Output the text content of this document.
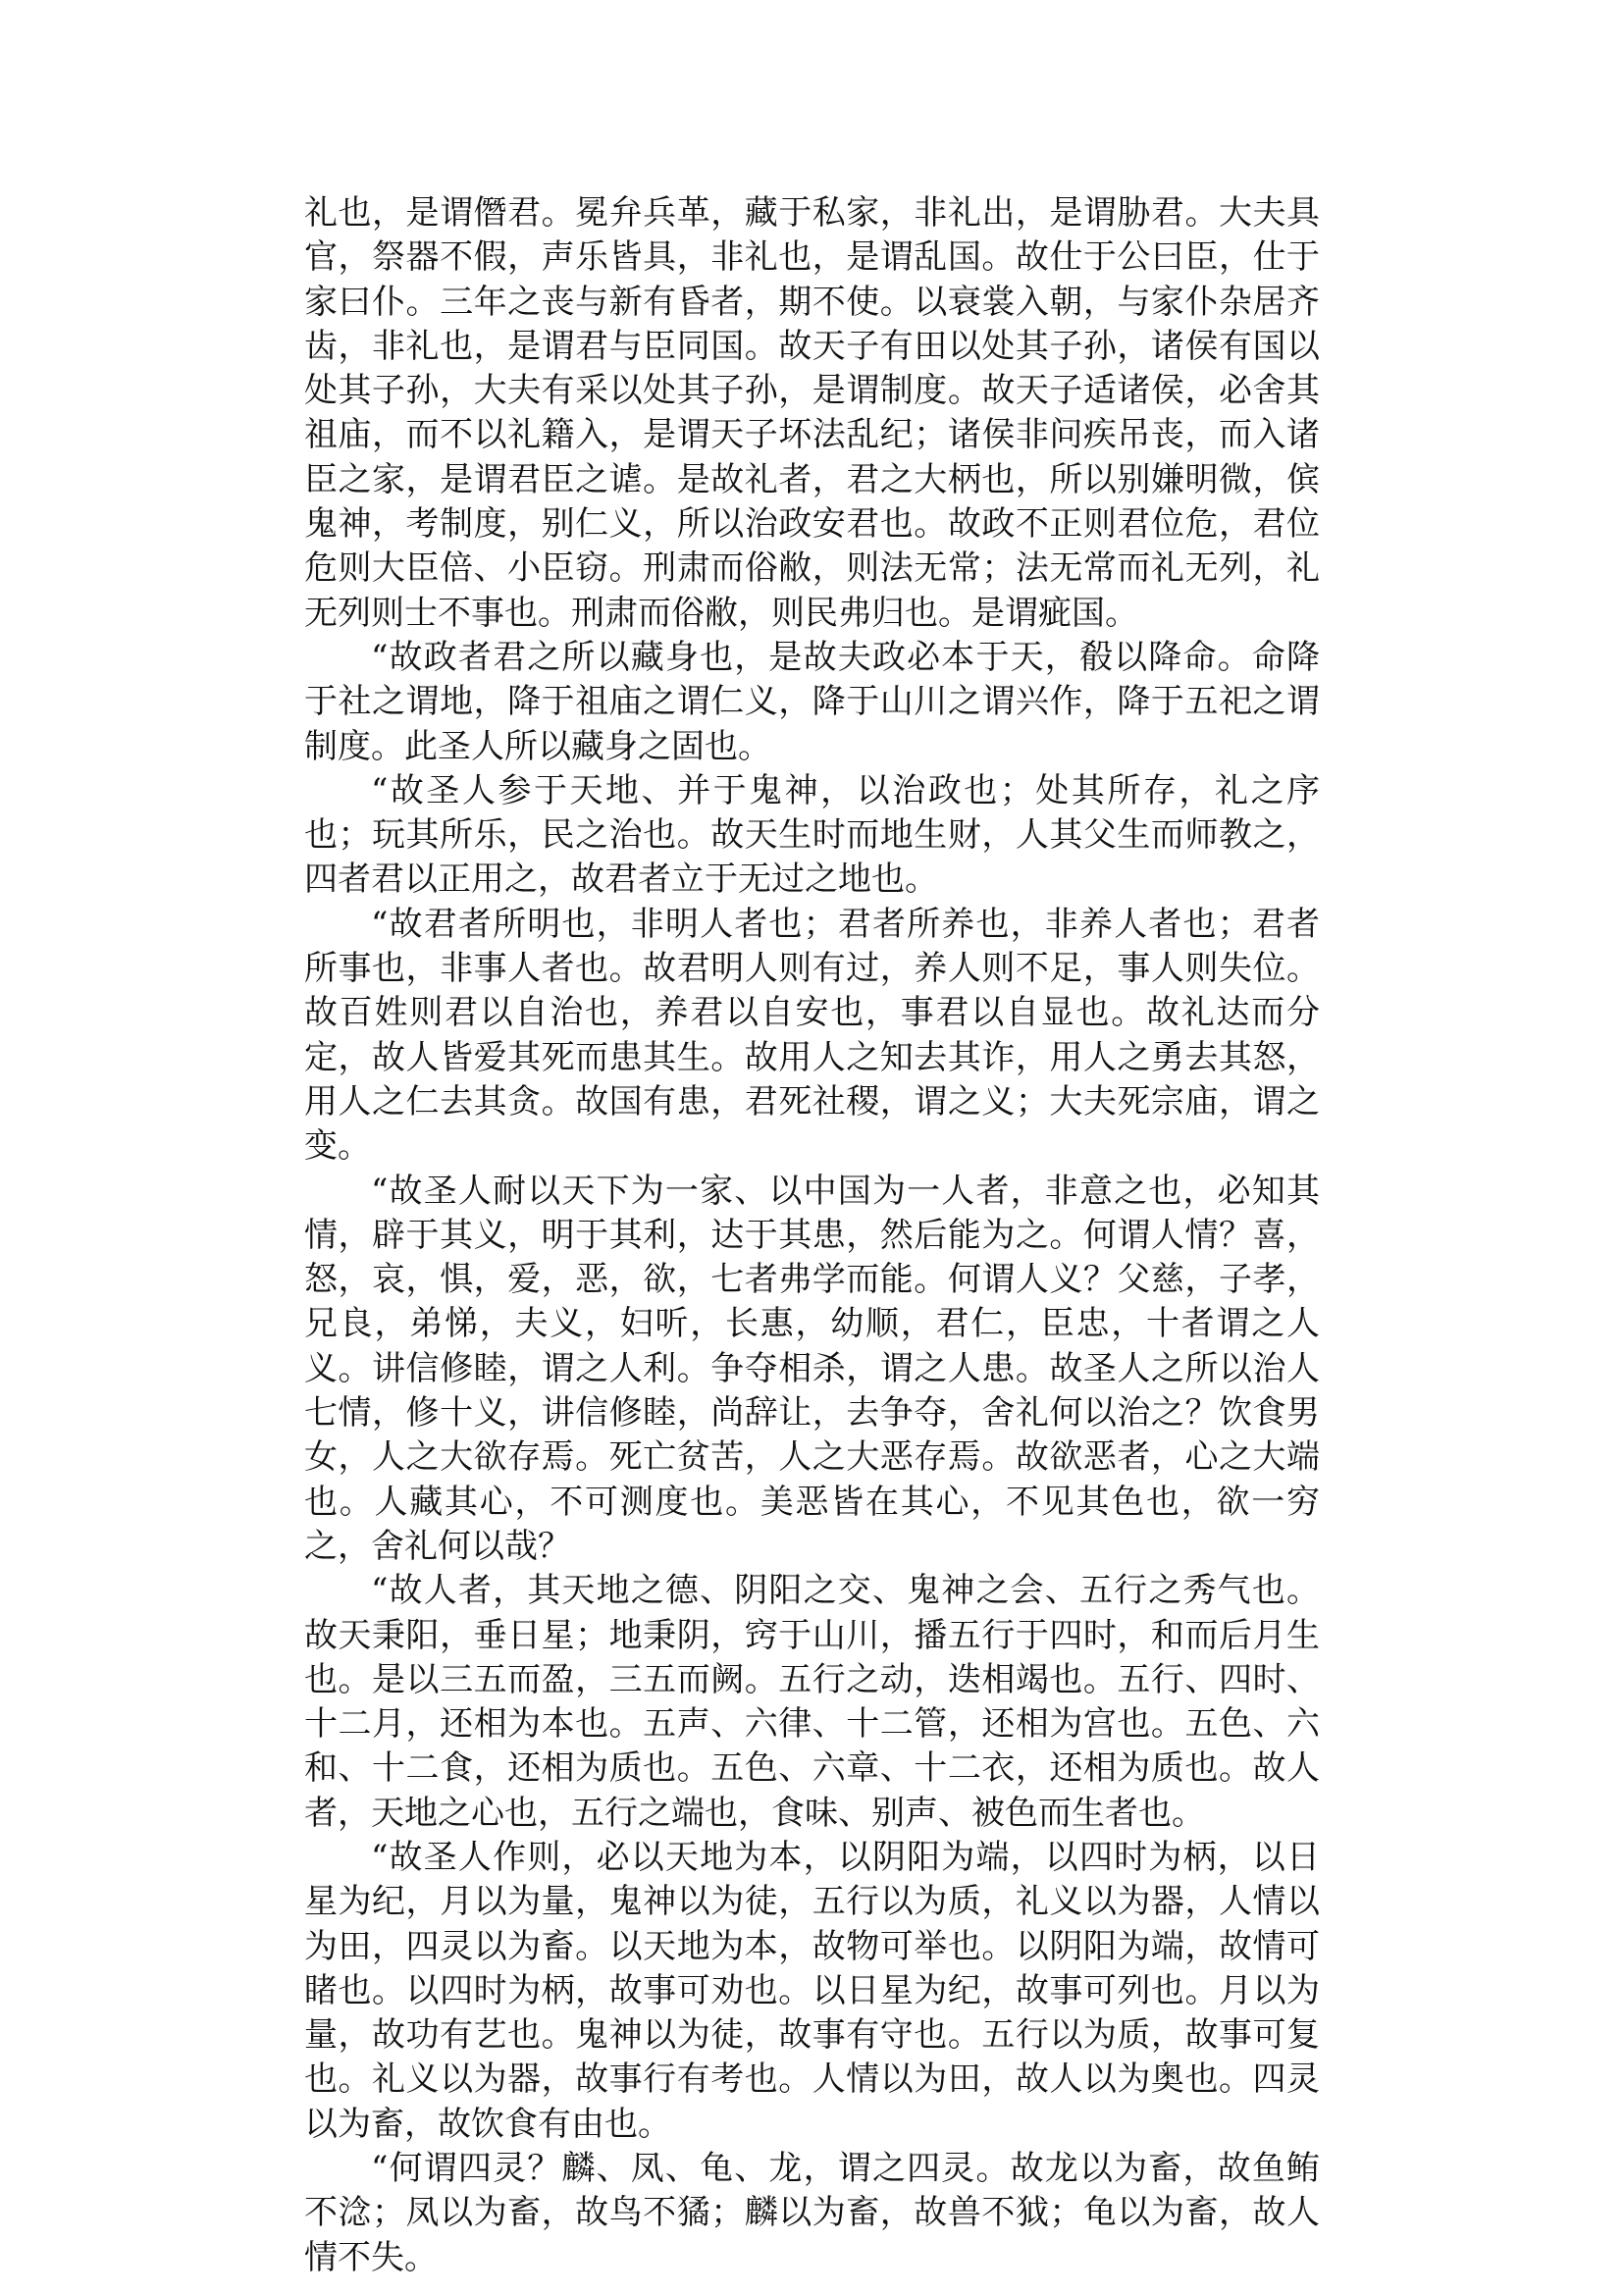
礼也，是谓僭君。冕弁兵革，藏于私家，非礼出，是谓胁君。大夫具官，祭器不假，声乐皆具，非礼也，是谓乱国。故仕于公曰臣，仕于家曰仆。三年之丧与新有昏者，期不使。以衰裳入朝，与家仆杂居齐齿，非礼也，是谓君与臣同国。故天子有田以处其子孙，诸侯有国以处其子孙，大夫有采以处其子孙，是谓制度。故天子适诸侯，必舍其祖庙，而不以礼籍入，是谓天子坏法乱纪；诸侯非问疾吊丧，而入诸臣之家，是谓君臣之谑。是故礼者，君之大柄也，所以别嫌明微，傧鬼神，考制度，别仁义，所以治政安君也。故政不正则君位危，君位危则大臣倍、小臣窃。刑肃而俗敝，则法无常；法无常而礼无列，礼无列则士不事也。刑肃而俗敝，则民弗归也。是谓疵国。

“故政者君之所以藏身也，是故夫政必本于天，殽以降命。命降于社之谓地，降于祖庙之谓仁义，降于山川之谓兴作，降于五祀之谓制度。此圣人所以藏身之固也。

“故圣人参于天地、并于鬼神，以治政也；处其所存，礼之序也；玩其所乐，民之治也。故天生时而地生财，人其父生而师教之，四者君以正用之，故君者立于无过之地也。

“故君者所明也，非明人者也；君者所养也，非养人者也；君者所事也，非事人者也。故君明人则有过，养人则不足，事人则失位。故百姓则君以自治也，养君以自安也，事君以自显也。故礼达而分定，故人皆爱其死而患其生。故用人之知去其诈，用人之勇去其怒，用人之仁去其贪。故国有患，君死社稷，谓之义；大夫死宗庙，谓之变。

“故圣人耐以天下为一家、以中国为一人者，非意之也，必知其情，辟于其义，明于其利，达于其患，然后能为之。何谓人情？喜，怒，哀，惧，爱，恶，欲，七者弗学而能。何谓人义？父慈，子孝，兄良，弟悌，夫义，妇听，长惠，幼顺，君仁，臣忠，十者谓之人义。讲信修睦，谓之人利。争夺相杀，谓之人患。故圣人之所以治人七情，修十义，讲信修睦，尚辞让，去争夺，舍礼何以治之？饮食男女，人之大欲存焉。死亡贫苦，人之大恶存焉。故欲恶者，心之大端也。人藏其心，不可测度也。美恶皆在其心，不见其色也，欲一穷之，舍礼何以哉？

“故人者，其天地之德、阴阳之交、鬼神之会、五行之秀气也。故天秉阳，垂日星；地秉阴，窍于山川，播五行于四时，和而后月生也。是以三五而盈，三五而阙。五行之动，迭相竭也。五行、四时、十二月，还相为本也。五声、六律、十二管，还相为宫也。五色、六和、十二食，还相为质也。五色、六章、十二衣，还相为质也。故人者，天地之心也，五行之端也，食味、别声、被色而生者也。

“故圣人作则，必以天地为本，以阴阳为端，以四时为柄，以日星为纪，月以为量，鬼神以为徒，五行以为质，礼义以为器，人情以为田，四灵以为畜。以天地为本，故物可举也。以阴阳为端，故情可睹也。以四时为柄，故事可劝也。以日星为纪，故事可列也。月以为量，故功有艺也。鬼神以为徒，故事有守也。五行以为质，故事可复也。礼义以为器，故事行有考也。人情以为田，故人以为奥也。四灵以为畜，故饮食有由也。

“何谓四灵？麟、凤、龟、龙，谓之四灵。故龙以为畜，故鱼鲔不淰；凤以为畜，故鸟不獝；麟以为畜，故兽不狘；龟以为畜，故人情不失。
